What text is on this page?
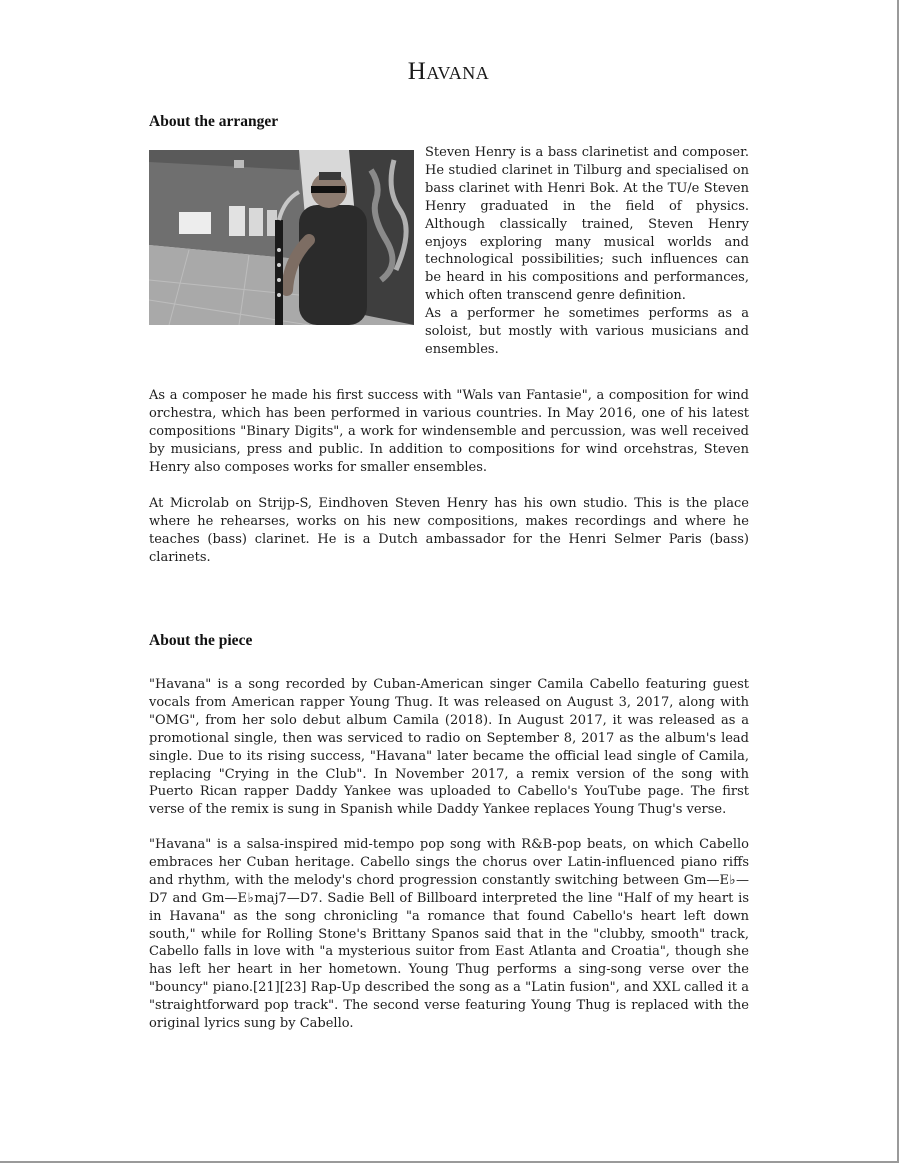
Havana
About the arranger

Steven Henry is a bass clarinetist and composer. He studied clarinet in Tilburg and specialised on bass clarinet with Henri Bok. At the TU/e Steven Henry graduated in the field of physics. Although classically trained, Steven Henry enjoys exploring many musical worlds and technological possibilities; such influences can be heard in his compositions and performances, which often transcend genre definition.

As a performer he sometimes performs as a soloist, but mostly with various musicians and ensembles.

As a composer he made his first success with "Wals van Fantasie", a composition for wind orchestra, which has been performed in various countries. In May 2016, one of his latest compositions "Binary Digits", a work for windensemble and percussion, was well received by musicians, press and public. In addition to compositions for wind orcehstras, Steven Henry also composes works for smaller ensembles.

At Microlab on Strijp-S, Eindhoven Steven Henry has his own studio. This is the place where he rehearses, works on his new compositions, makes recordings and where he teaches (bass) clarinet. He is a Dutch ambassador for the Henri Selmer Paris (bass) clarinets.

About the piece

"Havana" is a song recorded by Cuban-American singer Camila Cabello featuring guest vocals from American rapper Young Thug. It was released on August 3, 2017, along with "OMG", from her solo debut album Camila (2018). In August 2017, it was released as a promotional single, then was serviced to radio on September 8, 2017 as the album's lead single. Due to its rising success, "Havana" later became the official lead single of Camila, replacing "Crying in the Club". In November 2017, a remix version of the song with Puerto Rican rapper Daddy Yankee was uploaded to Cabello's YouTube page. The first verse of the remix is sung in Spanish while Daddy Yankee replaces Young Thug's verse.

"Havana" is a salsa-inspired mid-tempo pop song with R&B-pop beats, on which Cabello embraces her Cuban heritage. Cabello sings the chorus over Latin-influenced piano riffs and rhythm, with the melody's chord progression constantly switching between Gm—E♭—D7 and Gm—E♭maj7—D7. Sadie Bell of Billboard interpreted the line "Half of my heart is in Havana" as the song chronicling "a romance that found Cabello's heart left down south," while for Rolling Stone's Brittany Spanos said that in the "clubby, smooth" track, Cabello falls in love with "a mysterious suitor from East Atlanta and Croatia", though she has left her heart in her hometown. Young Thug performs a sing-song verse over the "bouncy" piano.[21][23] Rap-Up described the song as a "Latin fusion", and XXL called it a "straightforward pop track". The second verse featuring Young Thug is replaced with the original lyrics sung by Cabello.
